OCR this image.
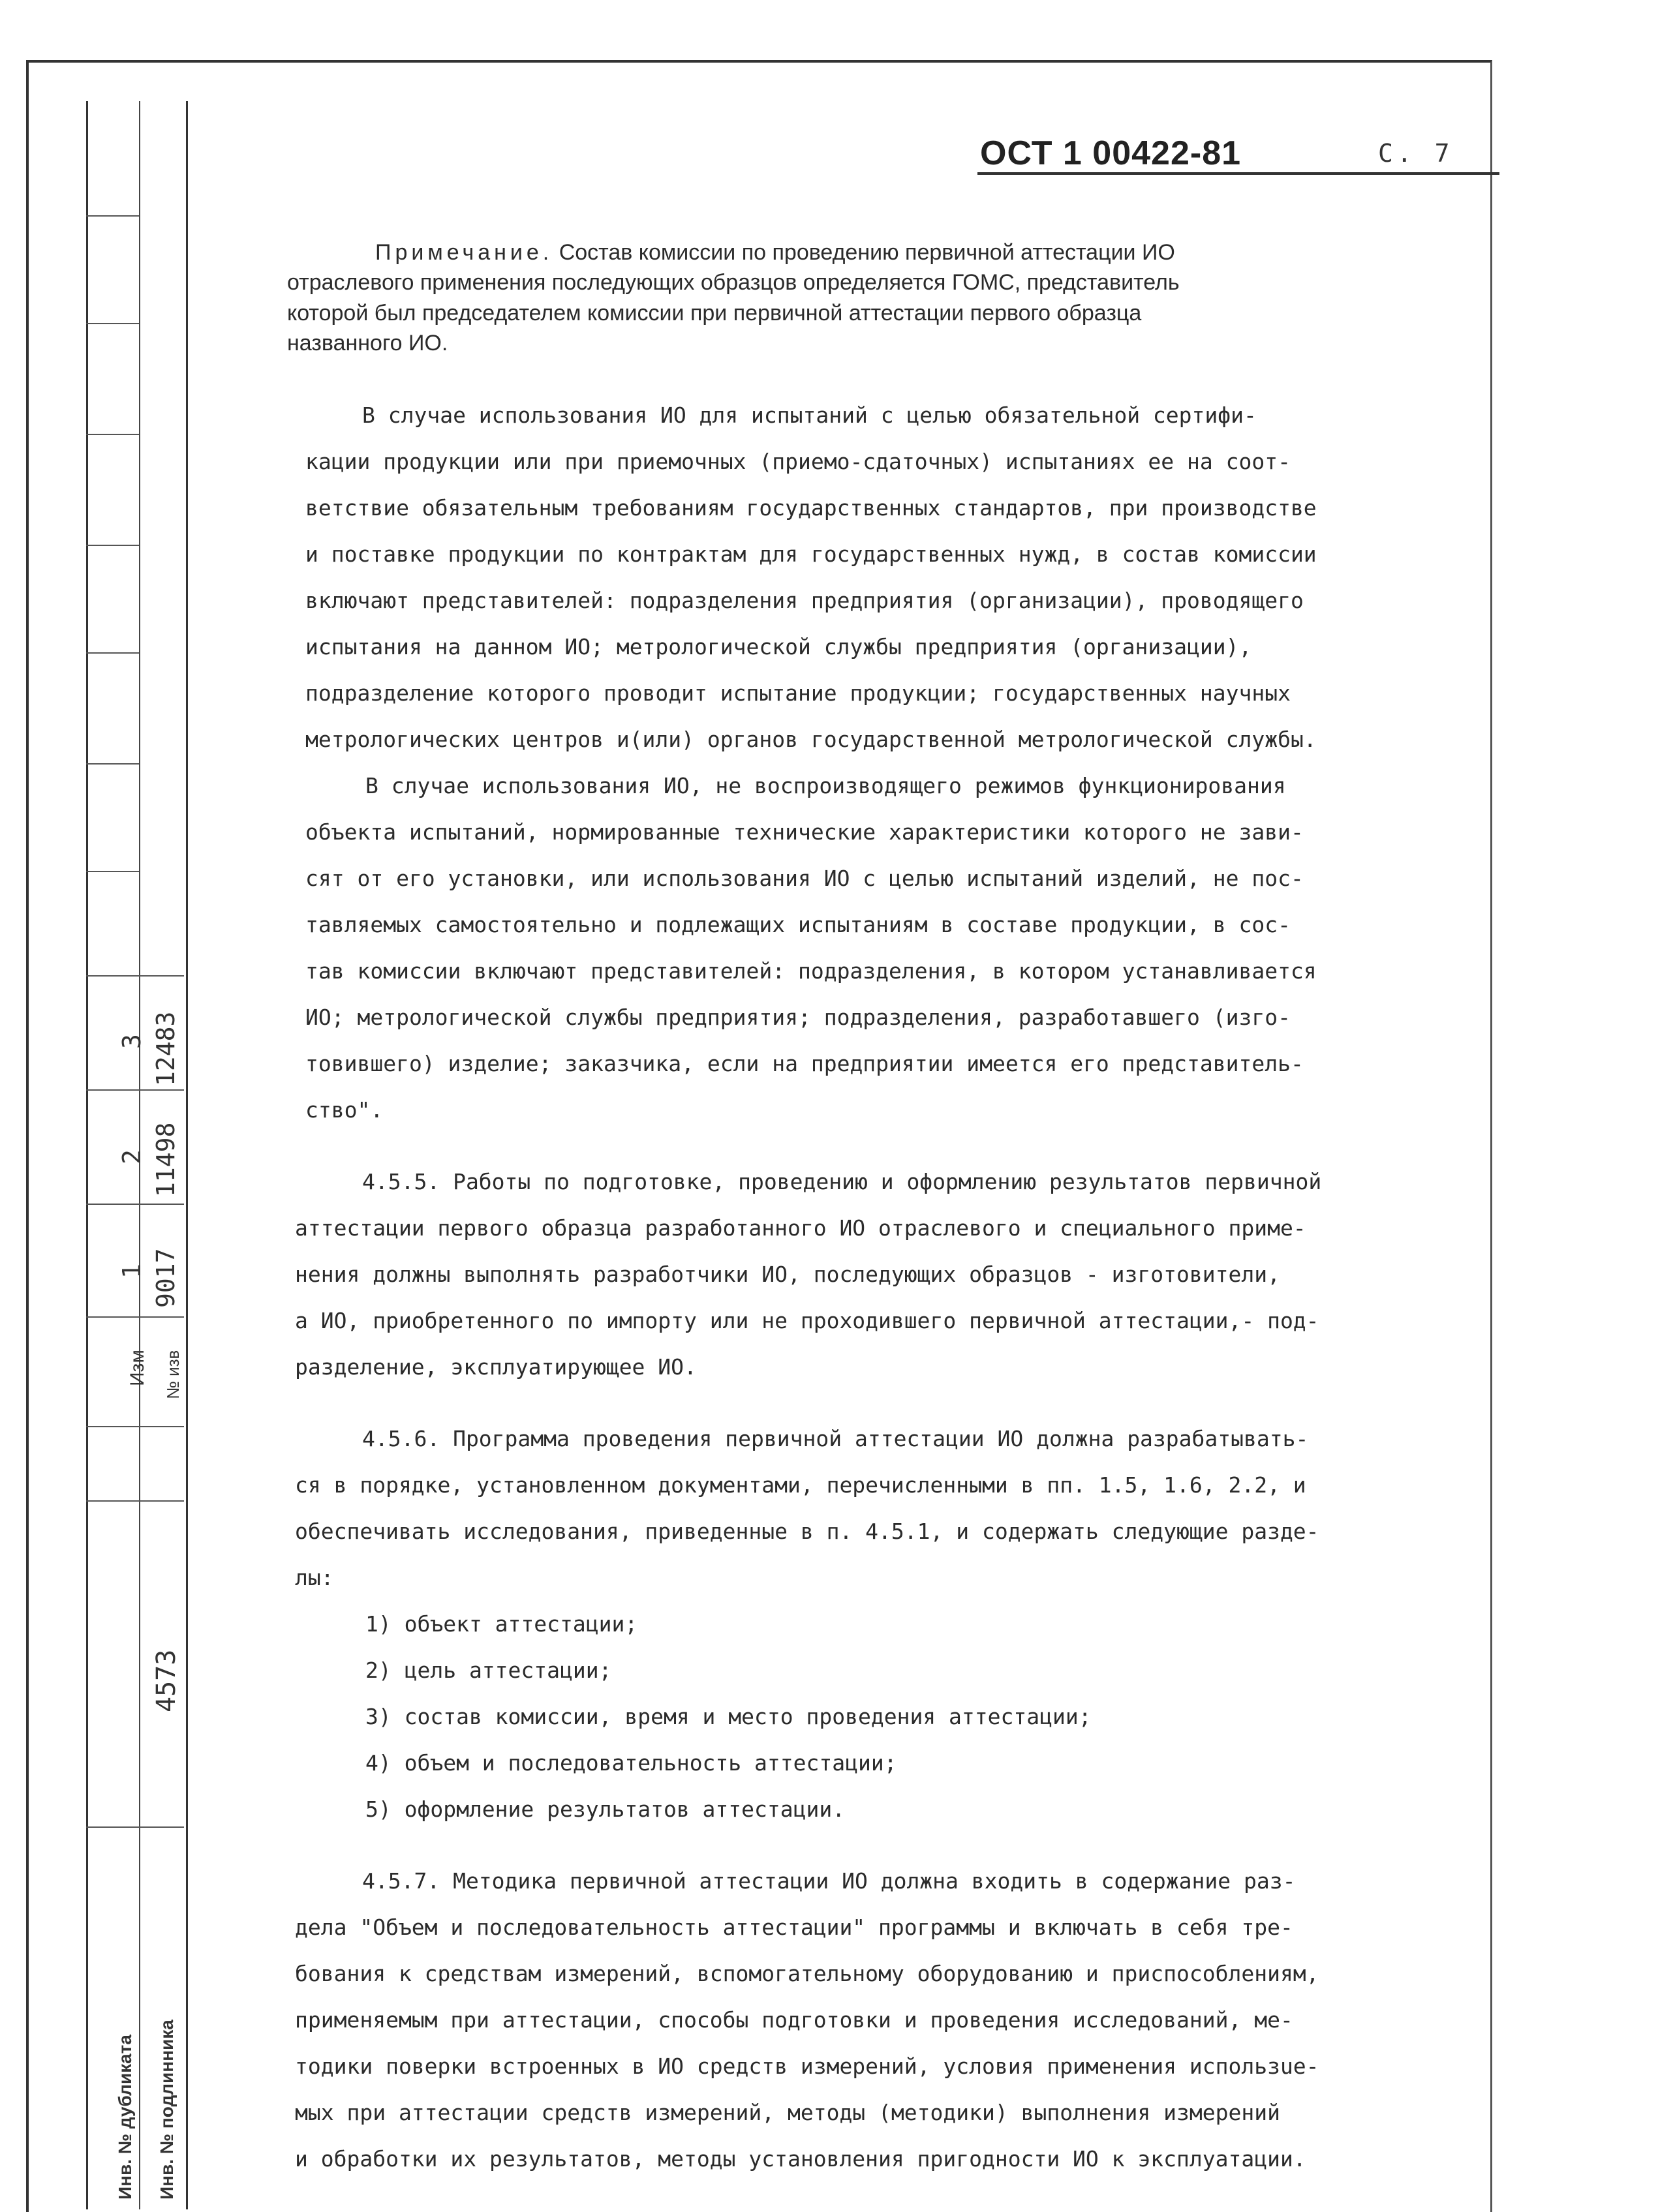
Изм № изв
1
2
3
9017
11498
12483
4573
Инв. № дубликата Инв. № подлинника
ОСТ 1 00422-81	С. 7
Примечание. Состав комиссии по проведению первичной аттестации ИО
отраслевого применения последующих образцов определяется ГОМС, представитель
которой был председателем комиссии при первичной аттестации первого образца
названного ИО.
В случае использования ИО для испытаний с целью обязательной сертифи-
кации продукции или при приемочных (приемо-сдаточных) испытаниях ее на соот-
ветствие обязательным требованиям государственных стандартов, при производстве
и поставке продукции по контрактам для государственных нужд, в состав комиссии
включают представителей: подразделения предприятия (организации), проводящего
испытания на данном ИО; метрологической службы предприятия (организации),
подразделение которого проводит испытание продукции; государственных научных
метрологических центров и(или) органов государственной метрологической службы.
В случае использования ИО, не воспроизводящего режимов функционирования
объекта испытаний, нормированные технические характеристики которого не зави-
сят от его установки, или использования ИО с целью испытаний изделий, не пос-
тавляемых самостоятельно и подлежащих испытаниям в составе продукции, в сос-
тав комиссии включают представителей: подразделения, в котором устанавливается
ИО; метрологической службы предприятия; подразделения, разработавшего (изго-
товившего) изделие; заказчика, если на предприятии имеется его представитель-
ство".
4.5.5. Работы по подготовке, проведению и оформлению результатов первичной
аттестации первого образца разработанного ИО отраслевого и специального приме-
нения должны выполнять разработчики ИО, последующих образцов - изготовители,
а ИО, приобретенного по импорту или не проходившего первичной аттестации,- под-
разделение, эксплуатирующее ИО.
4.5.6. Программа проведения первичной аттестации ИО должна разрабатывать-
ся в порядке, установленном документами, перечисленными в пп. 1.5, 1.6, 2.2, и
обеспечивать исследования, приведенные в п. 4.5.1, и содержать следующие разде-
лы:
1) объект аттестации;
2) цель аттестации;
3) состав комиссии, время и место проведения аттестации;
4) объем и последовательность аттестации;
5) оформление результатов аттестации.
4.5.7. Методика первичной аттестации ИО должна входить в содержание раз-
дела "Объем и последовательность аттестации" программы и включать в себя тре-
бования к средствам измерений, вспомогательному оборудованию и приспособлениям,
применяемым при аттестации, способы подготовки и проведения исследований, ме-
тодики поверки встроенных в ИО средств измерений, условия применения использue-
мых при аттестации средств измерений, методы (методики) выполнения измерений
и обработки их результатов, методы установления пригодности ИО к эксплуатации.
